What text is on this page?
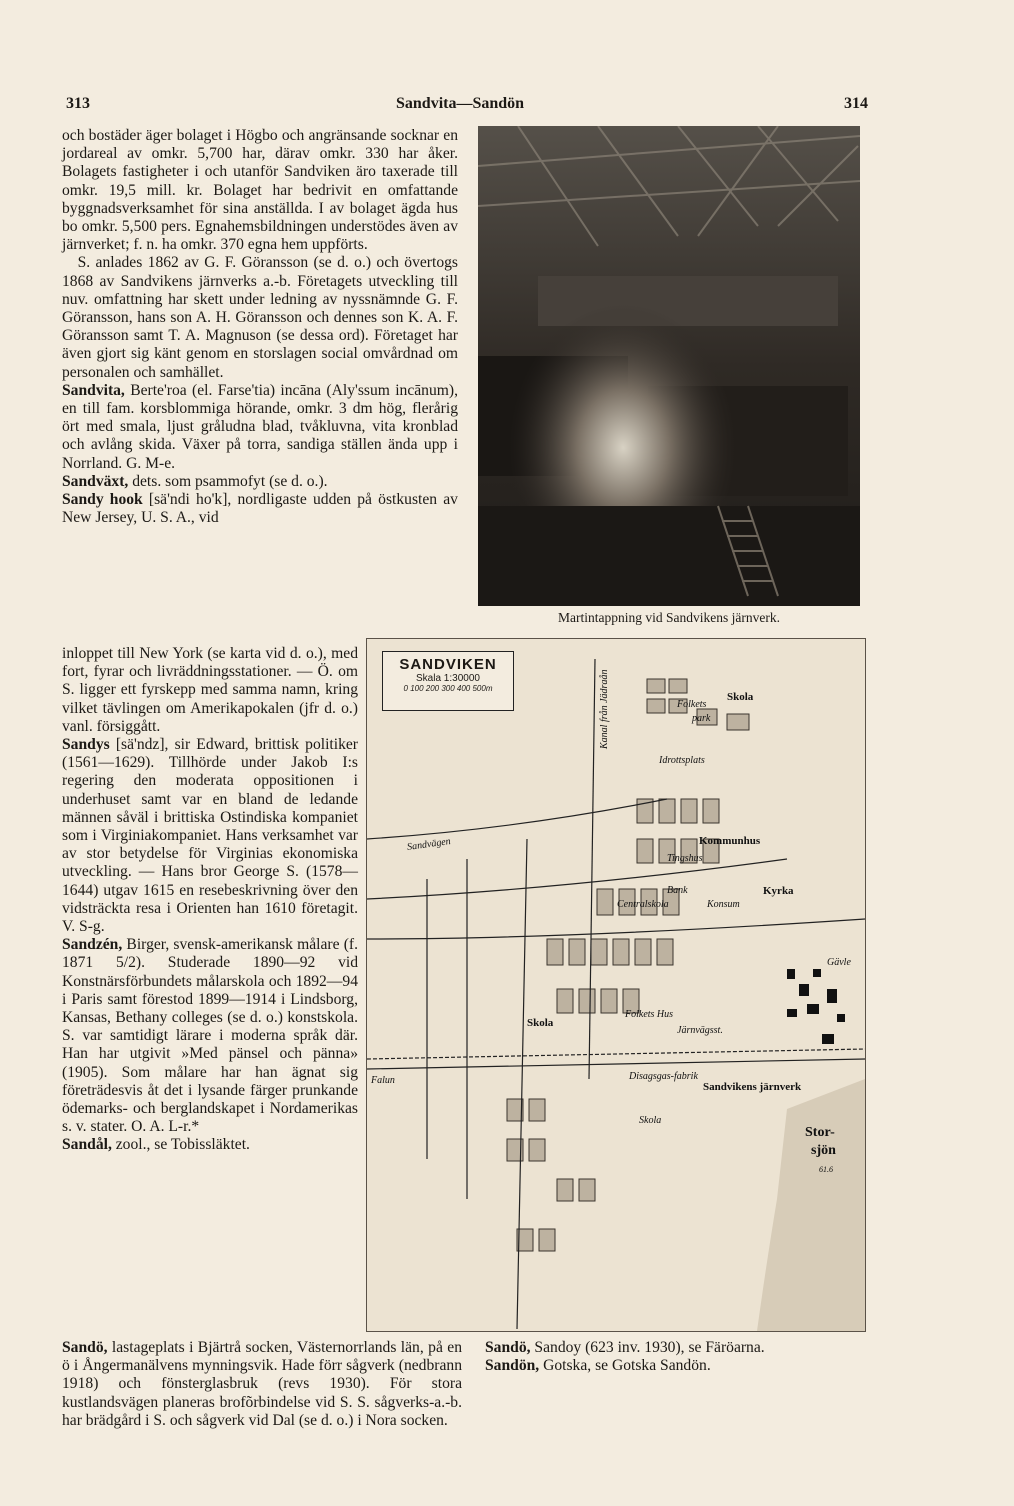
313	Sandvita—Sandön	314

och bostäder äger bolaget i Högbo och angränsande socknar en jordareal av omkr. 5,700 har, därav omkr. 330 har åker. Bolagets fastigheter i och utanför Sandviken äro taxerade till omkr. 19,5 mill. kr. Bolaget har bedrivit en omfattande byggnadsverksamhet för sina anställda. I av bolaget ägda hus bo omkr. 5,500 pers. Egnahemsbildningen understödes även av järnverket; f. n. ha omkr. 370 egna hem uppförts.

S. anlades 1862 av G. F. Göransson (se d. o.) och övertogs 1868 av Sandvikens järnverks a.-b. Företagets utveckling till nuv. omfattning har skett under ledning av nyssnämnde G. F. Göransson, hans son A. H. Göransson och dennes son K. A. F. Göransson samt T. A. Magnuson (se dessa ord). Företaget har även gjort sig känt genom en storslagen social omvårdnad om personalen och samhället.

Sandvita, Berte'roa (el. Farse'tia) incāna (Aly'ssum incānum), en till fam. korsblommiga hörande, omkr. 3 dm hög, flerårig ört med smala, ljust gråludna blad, tvåkluvna, vita kronblad och avlång skida. Växer på torra, sandiga ställen ända upp i Norrland. G. M-e.

Sandväxt, dets. som psammofyt (se d. o.).

Sandy hook [sä'ndi ho'k], nordligaste udden på östkusten av New Jersey, U. S. A., vid

inloppet till New York (se karta vid d. o.), med fort, fyrar och livräddningsstationer. — Ö. om S. ligger ett fyrskepp med samma namn, kring vilket tävlingen om Amerikapokalen (jfr d. o.) vanl. försiggått.

Sandys [sä'ndz], sir Edward, brittisk politiker (1561—1629). Tillhörde under Jakob I:s regering den moderata oppositionen i underhuset samt var en bland de ledande männen såväl i brittiska Ostindiska kompaniet som i Virginiakompaniet. Hans verksamhet var av stor betydelse för Virginias ekonomiska utveckling. — Hans bror George S. (1578—1644) utgav 1615 en resebeskrivning över den vidsträckta resa i Orienten han 1610 företagit. V. S-g.

Sandzén, Birger, svensk-amerikansk målare (f. 1871 5/2). Studerade 1890—92 vid Konstnärsförbundets målarskola och 1892—94 i Paris samt förestod 1899—1914 i Lindsborg, Kansas, Bethany colleges (se d. o.) konstskola. S. var samtidigt lärare i moderna språk där. Han har utgivit »Med pänsel och pänna» (1905). Som målare har han ägnat sig företrädesvis åt det i lysande färger prunkande ödemarks- och berglandskapet i Nordamerikas s. v. stater. O. A. L-r.*

Sandål, zool., se Tobissläktet.

Sandö, lastageplats i Bjärtrå socken, Västernorrlands län, på en ö i Ångermanälvens mynningsvik. Hade förr sågverk (nedbrann 1918) och fönsterglasbruk (revs 1930). För stora kustlandsvägen planeras brofõrbindelse vid S. S. sågverks-a.-b. har brädgård i S. och sågverk vid Dal (se d. o.) i Nora socken.

Sandö, Sandoy (623 inv. 1930), se Färöarna.

Sandön, Gotska, se Gotska Sandön.

Martintappning vid Sandvikens järnverk.
SANDVIKEN
Skala 1:30000
0 100 200 300 400 500m	Kanal från Jädraån	Folkets
Skola
park
Idrottsplats
Kommunhus
Tingshus
Bank	Kyrka
Konsum
Skola
Sandvikens järnverk
Stor-
sjön
Disagsgas-fabrik
Skola
Järnvägsst.
Folkets Hus
Centralskola
Sandvägen
Gävle
Falun
61.6
